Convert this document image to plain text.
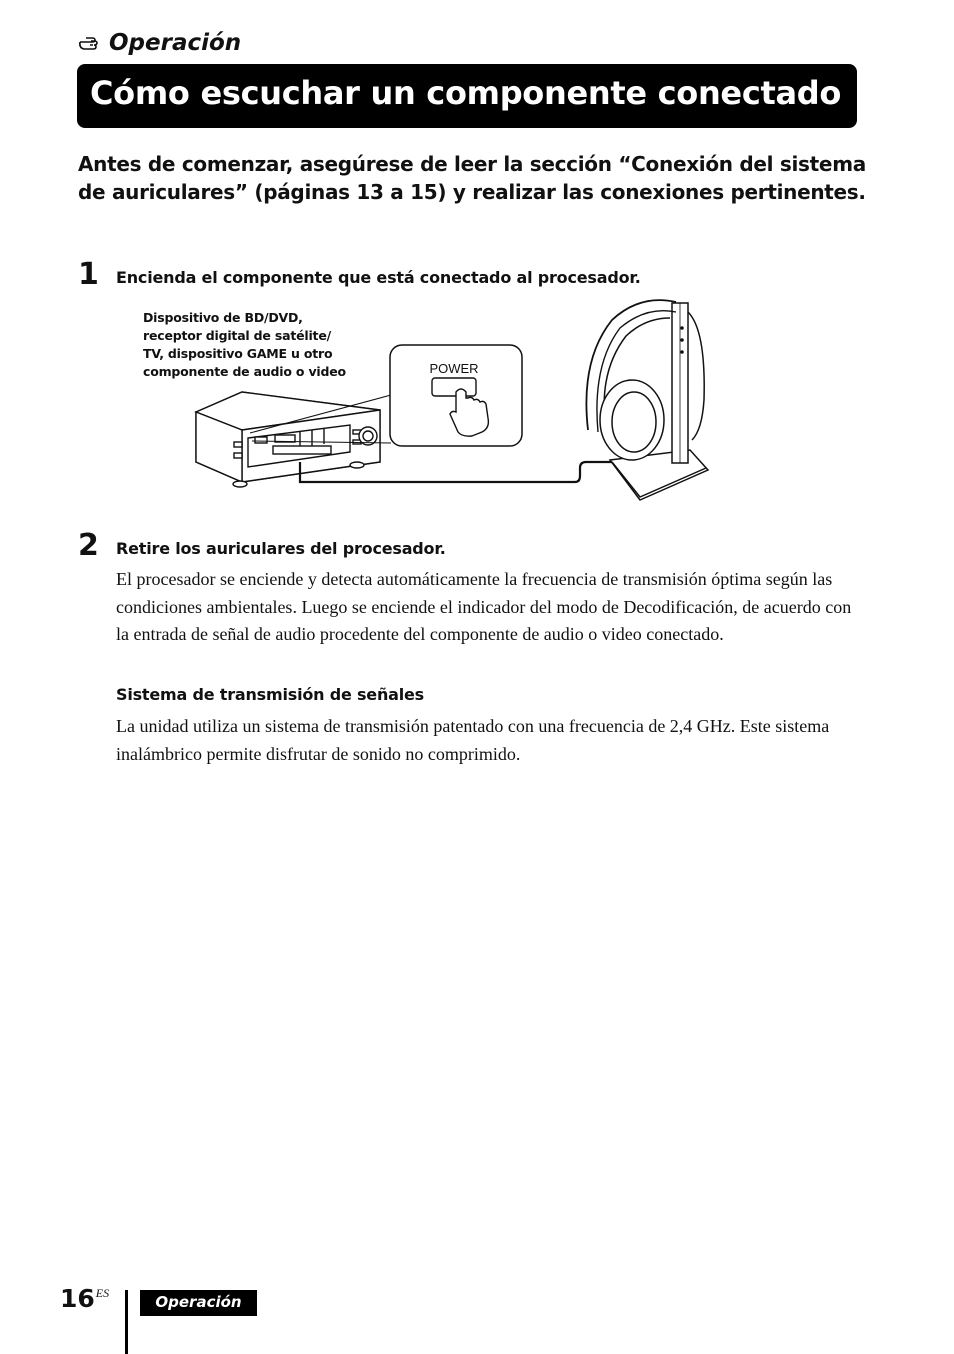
Operación
Cómo escuchar un componente conectado

Antes de comenzar, asegúrese de leer la sección “Conexión del sistema de auriculares” (páginas 13 a 15) y realizar las conexiones pertinentes.

1 Encienda el componente que está conectado al procesador.
Dispositivo de BD/DVD,
receptor digital de satélite/
TV, dispositivo GAME u otro
componente de audio o video	POWER
2 Retire los auriculares del procesador.

El procesador se enciende y detecta automáticamente la frecuencia de transmisión óptima según las condiciones ambientales. Luego se enciende el indicador del modo de Decodificación, de acuerdo con la entrada de señal de audio procedente del componente de audio o video conectado.

Sistema de transmisión de señales

La unidad utiliza un sistema de transmisión patentado con una frecuencia de 2,4 GHz. Este sistema inalámbrico permite disfrutar de sonido no comprimido.

$16^{ES}$	Operación
